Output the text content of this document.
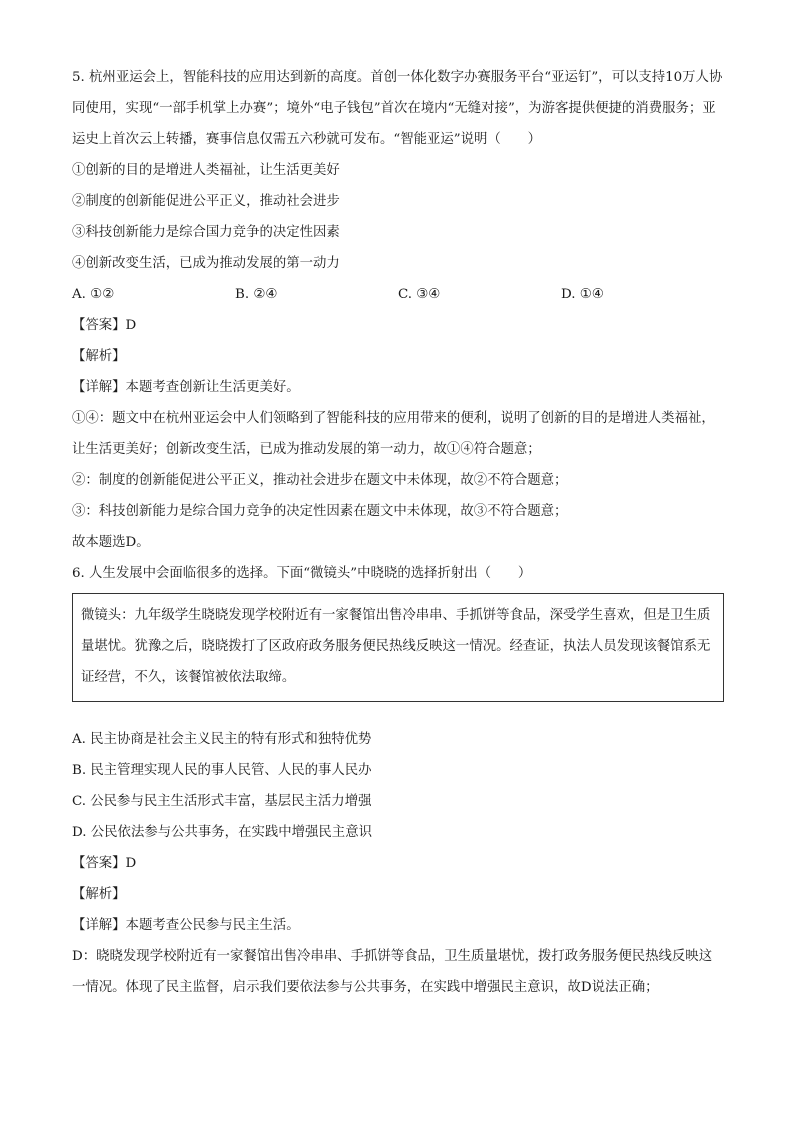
5. 杭州亚运会上，智能科技的应用达到新的高度。首创一体化数字办赛服务平台“亚运钉”，可以支持10万人协同使用，实现“一部手机掌上办赛”；境外“电子钱包”首次在境内“无缝对接”，为游客提供便捷的消费服务；亚运史上首次云上转播，赛事信息仅需五六秒就可发布。“智能亚运”说明（　　）
①创新的目的是增进人类福祉，让生活更美好
②制度的创新能促进公平正义，推动社会进步
③科技创新能力是综合国力竞争的决定性因素
④创新改变生活，已成为推动发展的第一动力
A. ①②	B. ②④	C. ③④	D. ①④
【答案】D
【解析】
【详解】本题考查创新让生活更美好。
①④：题文中在杭州亚运会中人们领略到了智能科技的应用带来的便利，说明了创新的目的是增进人类福祉，让生活更美好；创新改变生活，已成为推动发展的第一动力，故①④符合题意；
②：制度的创新能促进公平正义，推动社会进步在题文中未体现，故②不符合题意；
③：科技创新能力是综合国力竞争的决定性因素在题文中未体现，故③不符合题意；
故本题选D。
6. 人生发展中会面临很多的选择。下面“微镜头”中晓晓的选择折射出（　　）
微镜头：九年级学生晓晓发现学校附近有一家餐馆出售冷串串、手抓饼等食品，深受学生喜欢，但是卫生质量堪忧。犹豫之后，晓晓拨打了区政府政务服务便民热线反映这一情况。经查证，执法人员发现该餐馆系无证经营，不久，该餐馆被依法取缔。
A. 民主协商是社会主义民主的特有形式和独特优势
B. 民主管理实现人民的事人民管、人民的事人民办
C. 公民参与民主生活形式丰富，基层民主活力增强
D. 公民依法参与公共事务，在实践中增强民主意识
【答案】D
【解析】
【详解】本题考查公民参与民主生活。
D：晓晓发现学校附近有一家餐馆出售冷串串、手抓饼等食品，卫生质量堪忧，拨打政务服务便民热线反映这一情况。体现了民主监督，启示我们要依法参与公共事务，在实践中增强民主意识，故D说法正确；
